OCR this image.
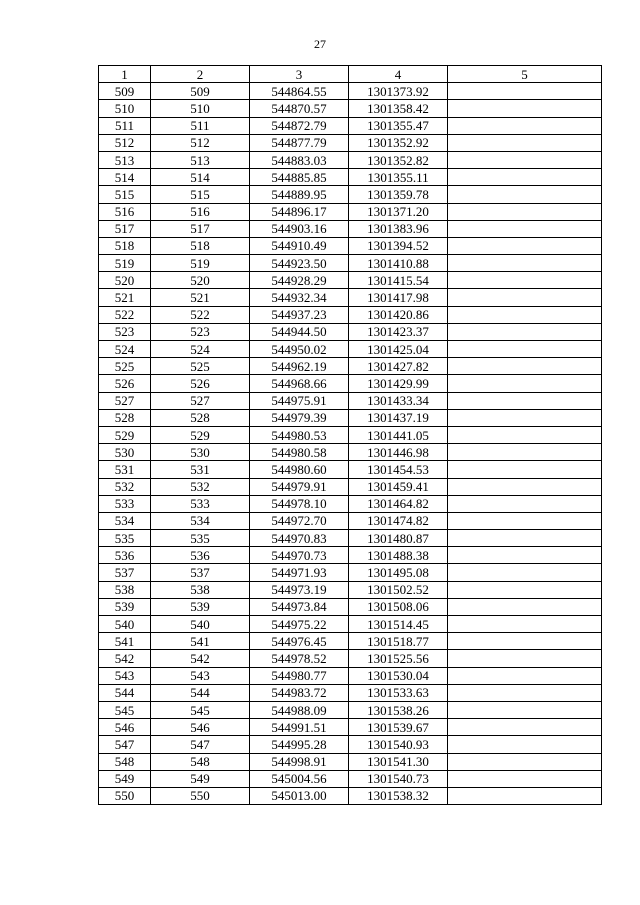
27
1	2	3	4	5
509	509	544864.55	1301373.92	
510	510	544870.57	1301358.42	
511	511	544872.79	1301355.47	
512	512	544877.79	1301352.92	
513	513	544883.03	1301352.82	
514	514	544885.85	1301355.11	
515	515	544889.95	1301359.78	
516	516	544896.17	1301371.20	
517	517	544903.16	1301383.96	
518	518	544910.49	1301394.52	
519	519	544923.50	1301410.88	
520	520	544928.29	1301415.54	
521	521	544932.34	1301417.98	
522	522	544937.23	1301420.86	
523	523	544944.50	1301423.37	
524	524	544950.02	1301425.04	
525	525	544962.19	1301427.82	
526	526	544968.66	1301429.99	
527	527	544975.91	1301433.34	
528	528	544979.39	1301437.19	
529	529	544980.53	1301441.05	
530	530	544980.58	1301446.98	
531	531	544980.60	1301454.53	
532	532	544979.91	1301459.41	
533	533	544978.10	1301464.82	
534	534	544972.70	1301474.82	
535	535	544970.83	1301480.87	
536	536	544970.73	1301488.38	
537	537	544971.93	1301495.08	
538	538	544973.19	1301502.52	
539	539	544973.84	1301508.06	
540	540	544975.22	1301514.45	
541	541	544976.45	1301518.77	
542	542	544978.52	1301525.56	
543	543	544980.77	1301530.04	
544	544	544983.72	1301533.63	
545	545	544988.09	1301538.26	
546	546	544991.51	1301539.67	
547	547	544995.28	1301540.93	
548	548	544998.91	1301541.30	
549	549	545004.56	1301540.73	
550	550	545013.00	1301538.32	
